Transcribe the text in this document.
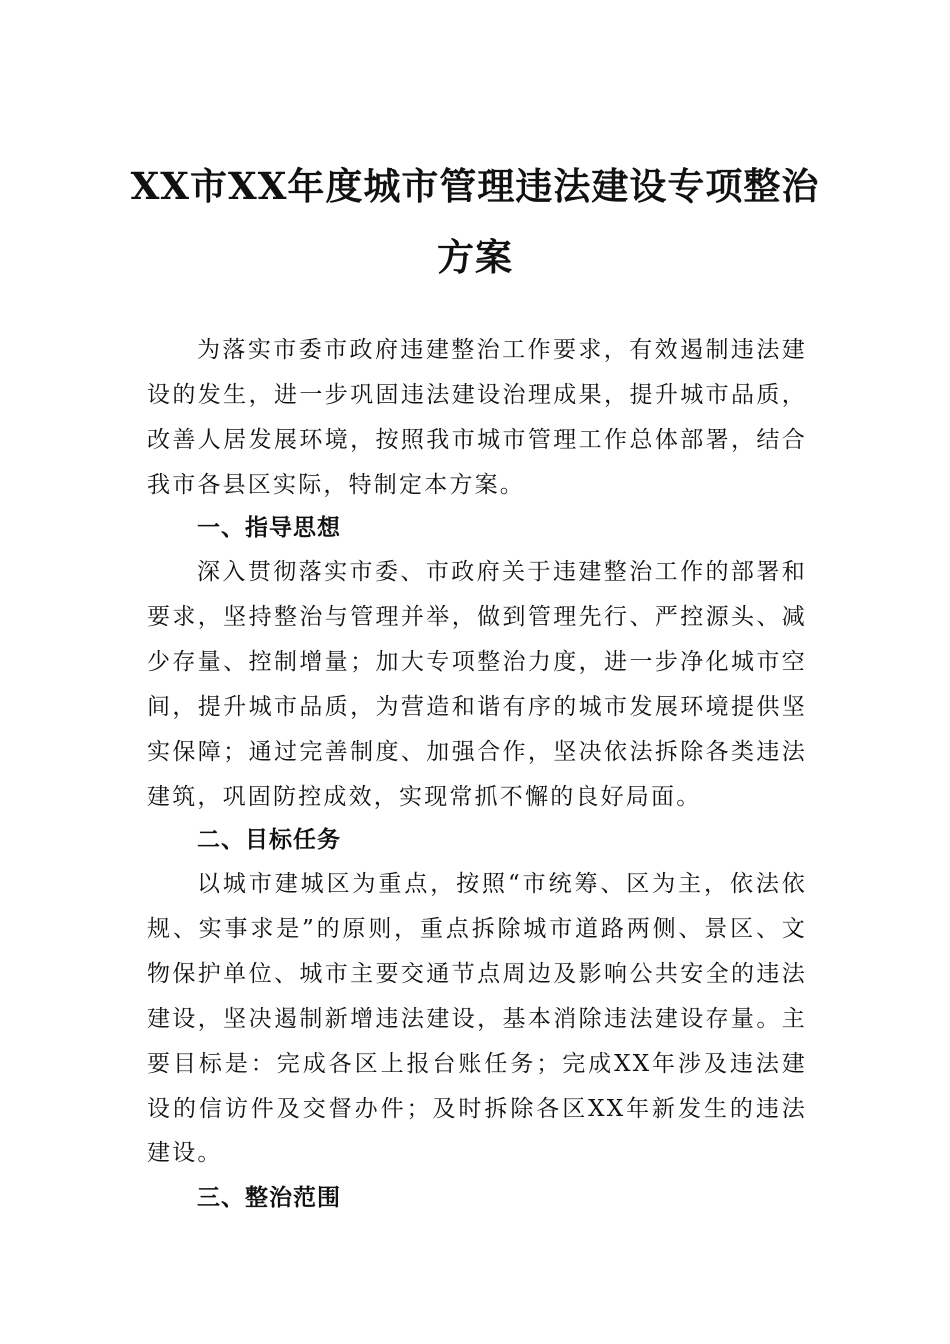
XX市XX年度城市管理违法建设专项整治
方案
为落实市委市政府违建整治工作要求，有效遏制违法建设的发生，进一步巩固违法建设治理成果，提升城市品质，改善人居发展环境，按照我市城市管理工作总体部署，结合我市各县区实际，特制定本方案。
一、指导思想
深入贯彻落实市委、市政府关于违建整治工作的部署和要求，坚持整治与管理并举，做到管理先行、严控源头、减少存量、控制增量；加大专项整治力度，进一步净化城市空间，提升城市品质，为营造和谐有序的城市发展环境提供坚实保障；通过完善制度、加强合作，坚决依法拆除各类违法建筑，巩固防控成效，实现常抓不懈的良好局面。
二、目标任务
以城市建城区为重点，按照“市统筹、区为主，依法依规、实事求是”的原则，重点拆除城市道路两侧、景区、文物保护单位、城市主要交通节点周边及影响公共安全的违法建设，坚决遏制新增违法建设，基本消除违法建设存量。主要目标是：完成各区上报台账任务；完成XX年涉及违法建设的信访件及交督办件；及时拆除各区XX年新发生的违法建设。
三、整治范围
